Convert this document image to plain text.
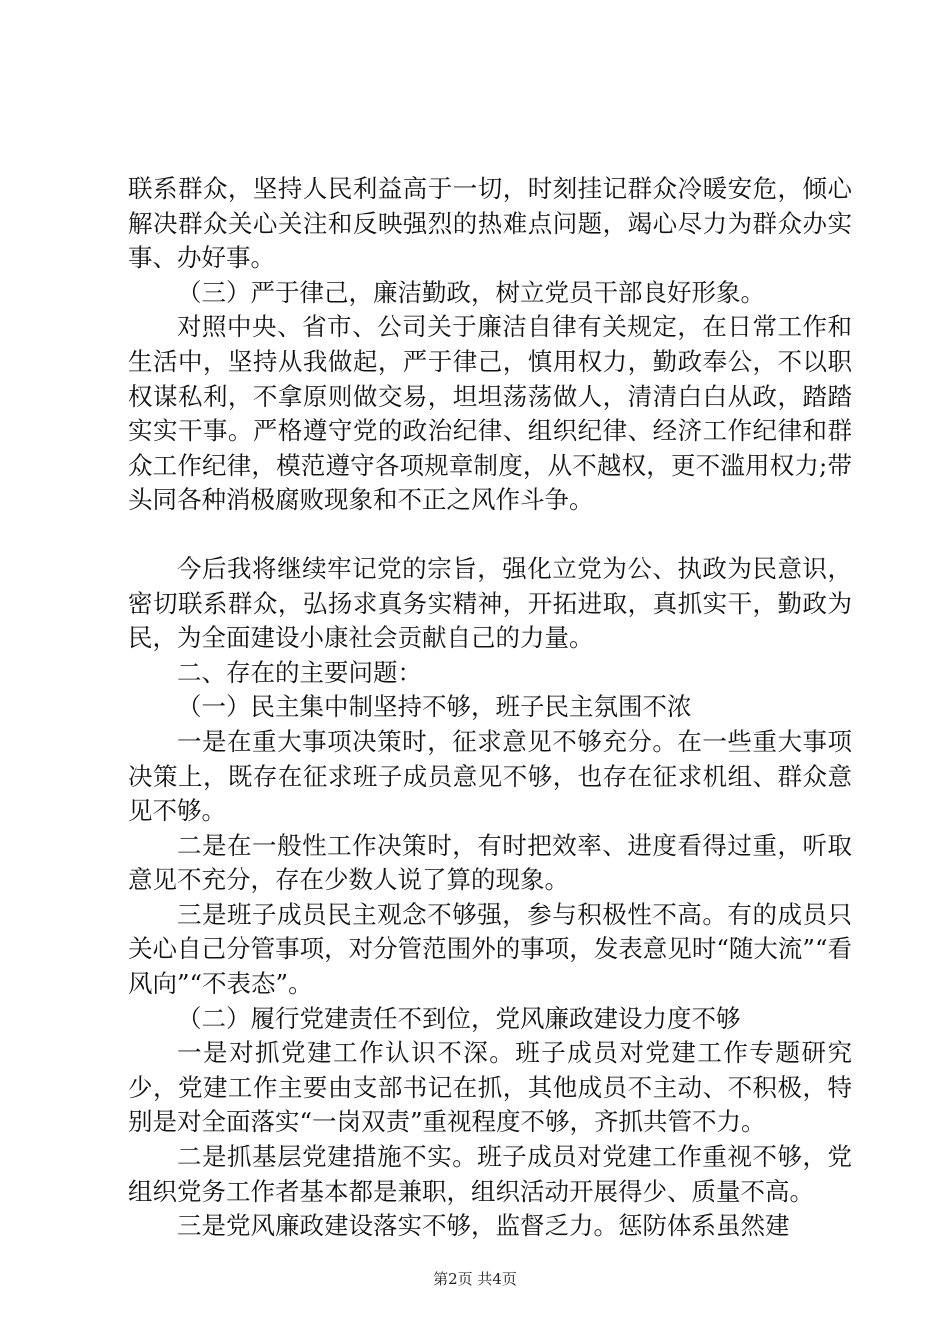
联系群众，坚持人民利益高于一切，时刻挂记群众冷暖安危，倾心解决群众关心关注和反映强烈的热难点问题，竭心尽力为群众办实事、办好事。

（三）严于律己，廉洁勤政，树立党员干部良好形象。

对照中央、省市、公司关于廉洁自律有关规定，在日常工作和生活中，坚持从我做起，严于律己，慎用权力，勤政奉公，不以职权谋私利，不拿原则做交易，坦坦荡荡做人，清清白白从政，踏踏实实干事。严格遵守党的政治纪律、组织纪律、经济工作纪律和群众工作纪律，模范遵守各项规章制度，从不越权，更不滥用权力;带头同各种消极腐败现象和不正之风作斗争。

今后我将继续牢记党的宗旨，强化立党为公、执政为民意识，密切联系群众，弘扬求真务实精神，开拓进取，真抓实干，勤政为民，为全面建设小康社会贡献自己的力量。

二、存在的主要问题：

（一）民主集中制坚持不够，班子民主氛围不浓

一是在重大事项决策时，征求意见不够充分。在一些重大事项决策上，既存在征求班子成员意见不够，也存在征求机组、群众意见不够。

二是在一般性工作决策时，有时把效率、进度看得过重，听取意见不充分，存在少数人说了算的现象。

三是班子成员民主观念不够强，参与积极性不高。有的成员只关心自己分管事项，对分管范围外的事项，发表意见时“随大流”“看风向”“不表态”。

（二）履行党建责任不到位，党风廉政建设力度不够

一是对抓党建工作认识不深。班子成员对党建工作专题研究少，党建工作主要由支部书记在抓，其他成员不主动、不积极，特别是对全面落实“一岗双责”重视程度不够，齐抓共管不力。

二是抓基层党建措施不实。班子成员对党建工作重视不够，党组织党务工作者基本都是兼职，组织活动开展得少、质量不高。

三是党风廉政建设落实不够，监督乏力。惩防体系虽然建

第2页 共4页
